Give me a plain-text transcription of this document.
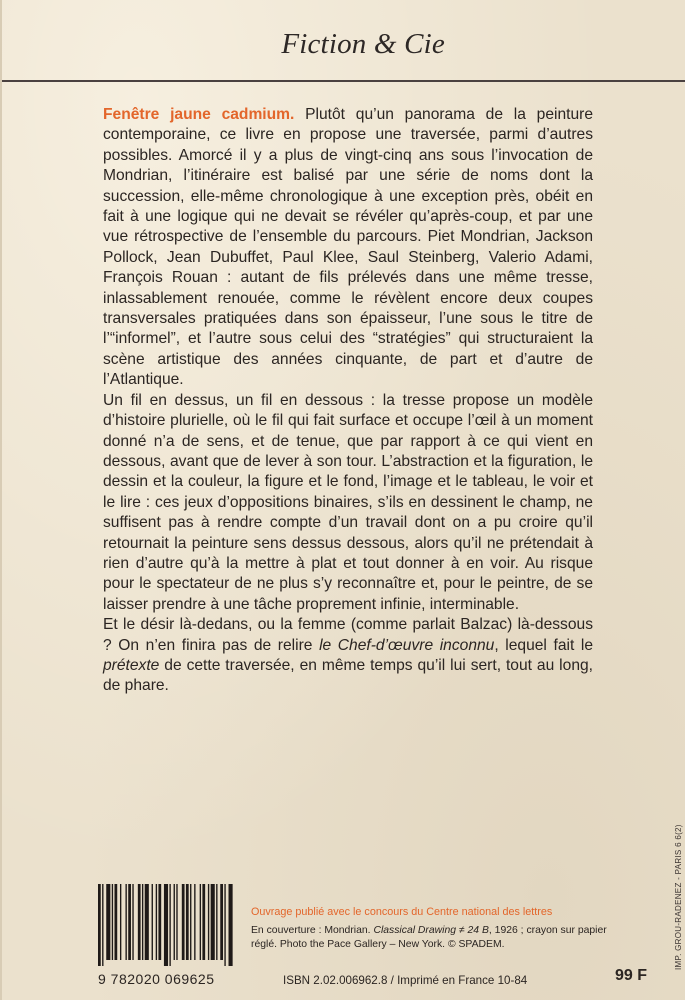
Fiction & Cie

Fenêtre jaune cadmium. Plutôt qu’un panorama de la peinture contemporaine, ce livre en propose une traversée, parmi d’autres possibles. Amorcé il y a plus de vingt-cinq ans sous l’invocation de Mondrian, l’itinéraire est balisé par une série de noms dont la succession, elle-même chronologique à une exception près, obéit en fait à une logique qui ne devait se révéler qu’après-coup, et par une vue rétrospective de l’ensemble du parcours. Piet Mondrian, Jackson Pollock, Jean Dubuffet, Paul Klee, Saul Steinberg, Valerio Adami, François Rouan : autant de fils prélevés dans une même tresse, inlassablement renouée, comme le révèlent encore deux coupes transversales pratiquées dans son épaisseur, l’une sous le titre de l’“informel”, et l’autre sous celui des “stratégies” qui structuraient la scène artistique des années cinquante, de part et d’autre de l’Atlantique.

Un fil en dessus, un fil en dessous : la tresse propose un modèle d’histoire plurielle, où le fil qui fait surface et occupe l’œil à un moment donné n’a de sens, et de tenue, que par rapport à ce qui vient en dessous, avant que de lever à son tour. L’abstraction et la figuration, le dessin et la couleur, la figure et le fond, l’image et le tableau, le voir et le lire : ces jeux d’oppositions binaires, s’ils en dessinent le champ, ne suffisent pas à rendre compte d’un travail dont on a pu croire qu’il retournait la peinture sens dessus dessous, alors qu’il ne prétendait à rien d’autre qu’à la mettre à plat et tout donner à en voir. Au risque pour le spectateur de ne plus s’y reconnaître et, pour le peintre, de se laisser prendre à une tâche proprement infinie, interminable.

Et le désir là-dedans, ou la femme (comme parlait Balzac) là-dessous ? On n’en finira pas de relire le Chef-d’œuvre inconnu, lequel fait le prétexte de cette traversée, en même temps qu’il lui sert, tout au long, de phare.

9 782020 069625
Ouvrage publié avec le concours du Centre national des lettres
En couverture : Mondrian. Classical Drawing ≠ 24 B, 1926 ; crayon sur papier réglé. Photo the Pace Gallery – New York. © SPADEM.
ISBN 2.02.006962.8 / Imprimé en France 10-84	99 F
IMP. GROU-RADENEZ - PARIS 6 6(2)
